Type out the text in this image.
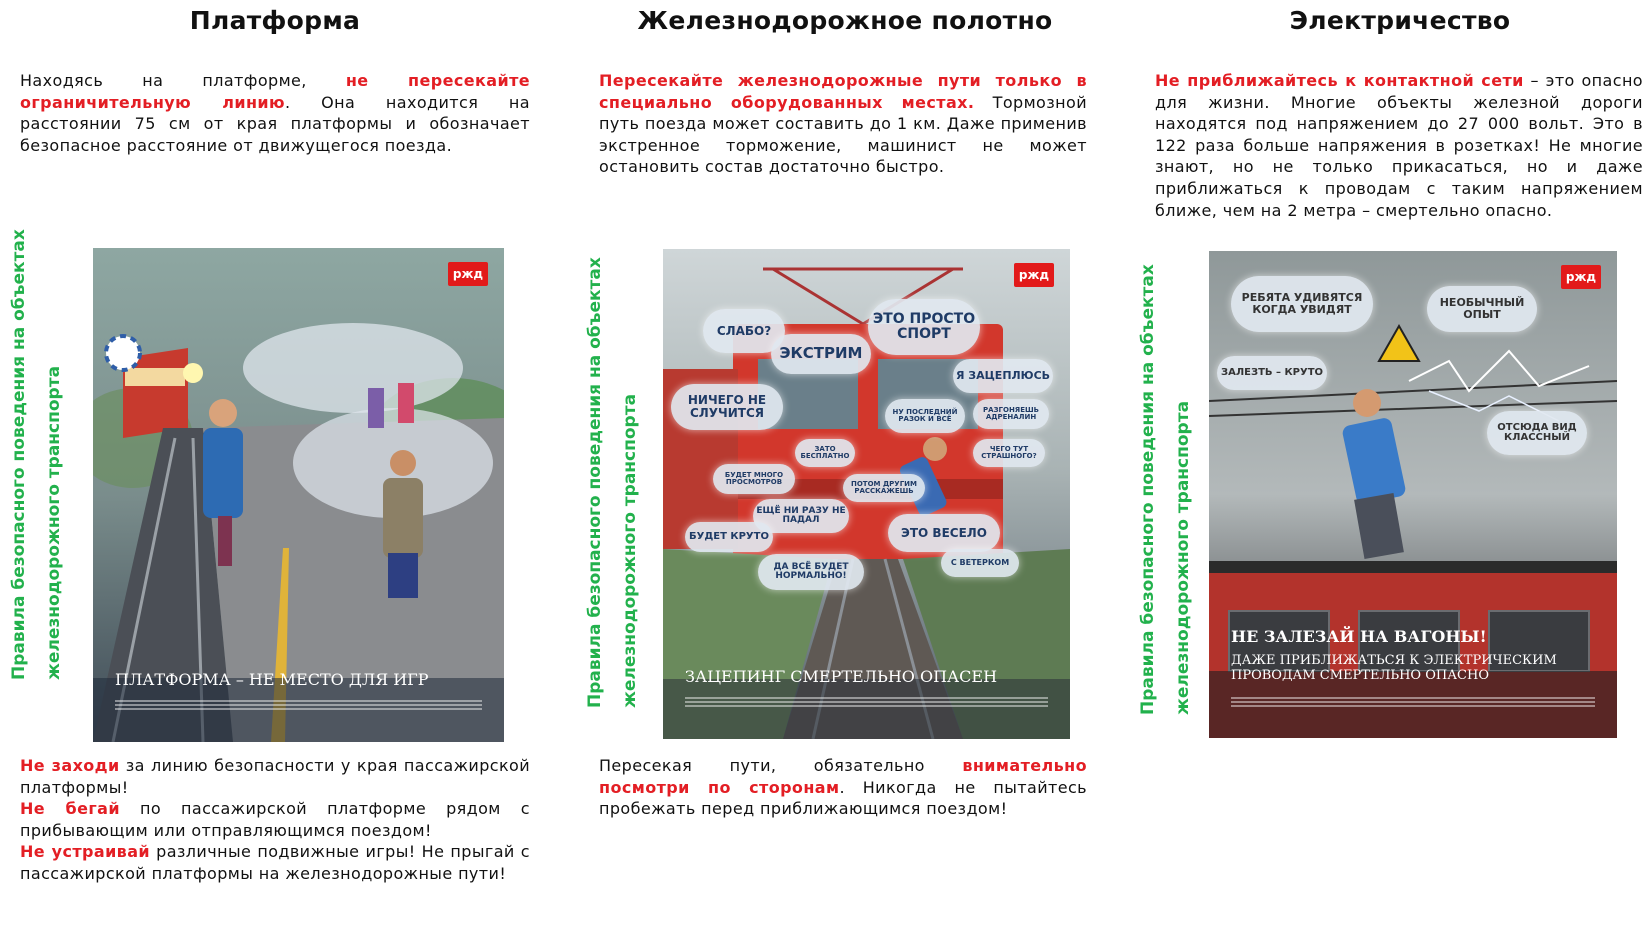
Платформа
Находясь на платформе, не пересекайте ограничительную линию. Она находится на расстоянии 75 см от края платформы и обозначает безопасное расстояние от движущегося поезда.
Правила безопасного поведения на объектах железнодорожного транспорта
ржд
ПЛАТФОРМА – НЕ МЕСТО ДЛЯ ИГР
Не заходи за линию безопасности у края пассажирской платформы!
Не бегай по пассажирской платформе рядом с прибывающим или отправляющимся поездом!
Не устраивай различные подвижные игры! Не прыгай с пассажирской платформы на железнодорожные пути!
Железнодорожное полотно
Пересекайте железнодорожные пути только в специально оборудованных местах. Тормозной путь поезда может составить до 1 км. Даже применив экстренное торможение, машинист не может остановить состав достаточно быстро.
Правила безопасного поведения на объектах железнодорожного транспорта
СЛАБО?
ЭТО ПРОСТО СПОРТ
ЭКСТРИМ
Я ЗАЦЕПЛЮСЬ
НИЧЕГО НЕ СЛУЧИТСЯ	НУ ПОСЛЕДНИЙ РАЗОК И ВСЁ
РАЗГОНЯЕШЬ АДРЕНАЛИН
ЗАТО БЕСПЛАТНО
ЧЕГО ТУТ СТРАШНОГО?
БУДЕТ МНОГО ПРОСМОТРОВ	ПОТОМ ДРУГИМ РАССКАЖЕШЬ
ЕЩЁ НИ РАЗУ НЕ ПАДАЛ
БУДЕТ КРУТО	ЭТО ВЕСЕЛО
ДА ВСЁ БУДЕТ НОРМАЛЬНО!
С ВЕТЕРКОМ
ржд
ЗАЦЕПИНГ СМЕРТЕЛЬНО ОПАСЕН
Пересекая пути, обязательно внимательно посмотри по сторонам. Никогда не пытайтесь пробежать перед приближающимся поездом!
Электричество
Не приближайтесь к контактной сети – это опасно для жизни. Многие объекты железной дороги находятся под напряжением до 27 000 вольт. Это в 122 раза больше напряжения в розетках! Не многие знают, но не только прикасаться, но и даже приближаться к проводам с таким напряжением ближе, чем на 2 метра – смертельно опасно.
Правила безопасного поведения на объектах железнодорожного транспорта
РЕБЯТА УДИВЯТСЯ КОГДА УВИДЯТ
НЕОБЫЧНЫЙ ОПЫТ
ЗАЛЕЗТЬ – КРУТО
ОТСЮДА ВИД КЛАССНЫЙ
ржд
НЕ ЗАЛЕЗАЙ НА ВАГОНЫ!
ДАЖЕ ПРИБЛИЖАТЬСЯ К ЭЛЕКТРИЧЕСКИМ
ПРОВОДАМ СМЕРТЕЛЬНО ОПАСНО
